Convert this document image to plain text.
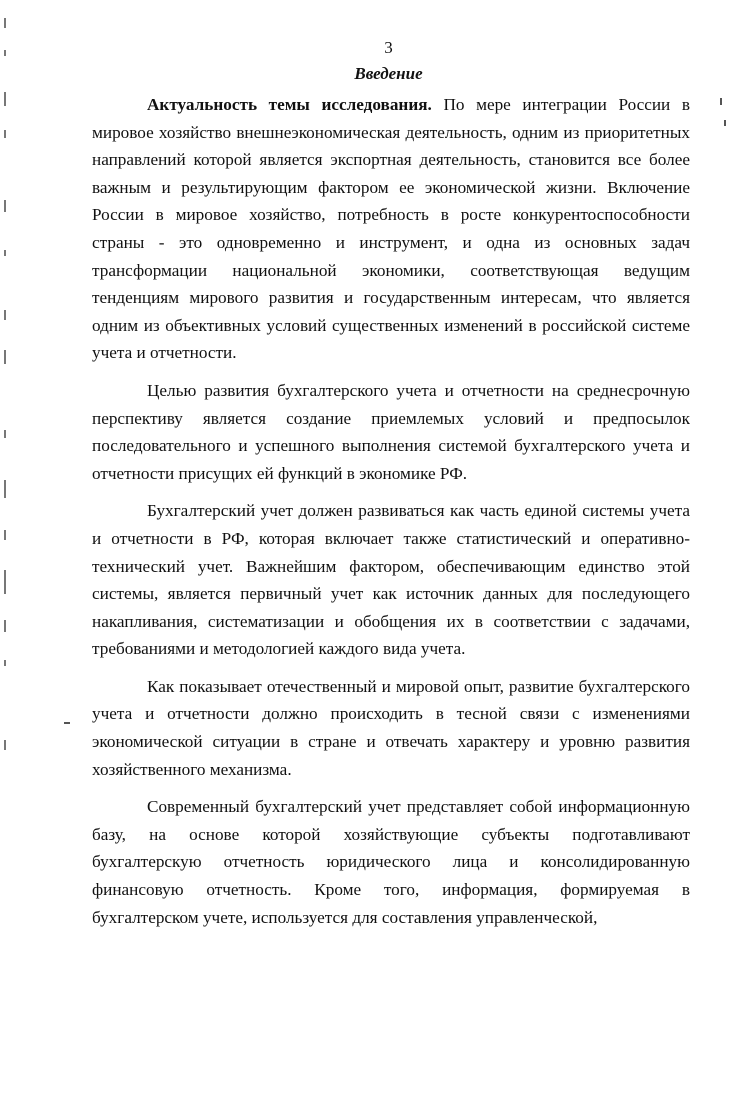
3
Введение

Актуальность темы исследования. По мере интеграции России в мировое хозяйство внешнеэкономическая деятельность, одним из приоритетных направлений которой является экспортная деятельность, становится все более важным и результирующим фактором ее экономической жизни. Включение России в мировое хозяйство, потребность в росте конкурентоспособности страны - это одновременно и инструмент, и одна из основных задач трансформации национальной экономики, соответствующая ведущим тенденциям мирового развития и государственным интересам, что является одним из объективных условий существенных изменений в российской системе учета и отчетности.

Целью развития бухгалтерского учета и отчетности на среднесрочную перспективу является создание приемлемых условий и предпосылок последовательного и успешного выполнения системой бухгалтерского учета и отчетности присущих ей функций в экономике РФ.

Бухгалтерский учет должен развиваться как часть единой системы учета и отчетности в РФ, которая включает также статистический и оперативно-технический учет. Важнейшим фактором, обеспечивающим единство этой системы, является первичный учет как источник данных для последующего накапливания, систематизации и обобщения их в соответствии с задачами, требованиями и методологией каждого вида учета.

Как показывает отечественный и мировой опыт, развитие бухгалтерского учета и отчетности должно происходить в тесной связи с изменениями экономической ситуации в стране и отвечать характеру и уровню развития хозяйственного механизма.

Современный бухгалтерский учет представляет собой информационную базу, на основе которой хозяйствующие субъекты подготавливают бухгалтерскую отчетность юридического лица и консолидированную финансовую отчетность. Кроме того, информация, формируемая в бухгалтерском учете, используется для составления управленческой,
